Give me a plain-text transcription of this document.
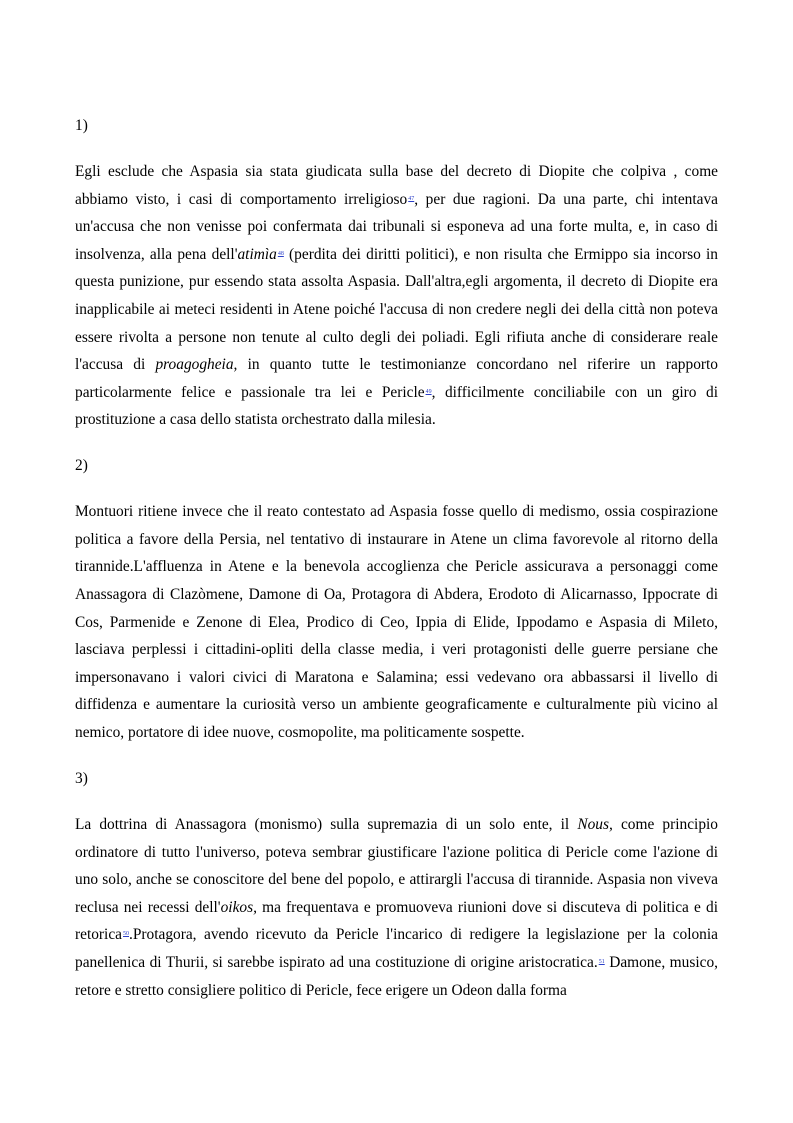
1)

Egli esclude che Aspasia sia stata giudicata sulla base del decreto di Diopite che colpiva , come abbiamo visto, i casi di comportamento irreligioso$^{47}$, per due ragioni. Da una parte, chi intentava un'accusa che non venisse poi confermata dai tribunali si esponeva ad una forte multa, e, in caso di insolvenza, alla pena dell'atimìa$^{48}$ (perdita dei diritti politici), e non risulta che Ermippo sia incorso in questa punizione, pur essendo stata assolta Aspasia. Dall'altra,egli argomenta, il decreto di Diopite era inapplicabile ai meteci residenti in Atene poiché l'accusa di non credere negli dei della città non poteva essere rivolta a persone non tenute al culto degli dei poliadi. Egli rifiuta anche di considerare reale l'accusa di proagogheia, in quanto tutte le testimonianze concordano nel riferire un rapporto particolarmente felice e passionale tra lei e Pericle$^{49}$, difficilmente conciliabile con un giro di prostituzione a casa dello statista orchestrato dalla milesia.

2)

Montuori ritiene invece che il reato contestato ad Aspasia fosse quello di medismo, ossia cospirazione politica a favore della Persia, nel tentativo di instaurare in Atene un clima favorevole al ritorno della tirannide.L'affluenza in Atene e la benevola accoglienza che Pericle assicurava a personaggi come Anassagora di Clazòmene, Damone di Oa, Protagora di Abdera, Erodoto di Alicarnasso, Ippocrate di Cos, Parmenide e Zenone di Elea, Prodico di Ceo, Ippia di Elide, Ippodamo e Aspasia di Mileto, lasciava perplessi i cittadini-opliti della classe media, i veri protagonisti delle guerre persiane che impersonavano i valori civici di Maratona e Salamina; essi vedevano ora abbassarsi il livello di diffidenza e aumentare la curiosità verso un ambiente geograficamente e culturalmente più vicino al nemico, portatore di idee nuove, cosmopolite, ma politicamente sospette.

3)

La dottrina di Anassagora (monismo) sulla supremazia di un solo ente, il Nous, come principio ordinatore di tutto l'universo, poteva sembrar giustificare l'azione politica di Pericle come l'azione di uno solo, anche se conoscitore del bene del popolo, e attirargli l'accusa di tirannide. Aspasia non viveva reclusa nei recessi dell'oikos, ma frequentava e promuoveva riunioni dove si discuteva di politica e di retorica$^{50}$.Protagora, avendo ricevuto da Pericle l'incarico di redigere la legislazione per la colonia panellenica di Thurii, si sarebbe ispirato ad una costituzione di origine aristocratica.$^{51}$ Damone, musico, retore e stretto consigliere politico di Pericle, fece erigere un Odeon dalla forma
